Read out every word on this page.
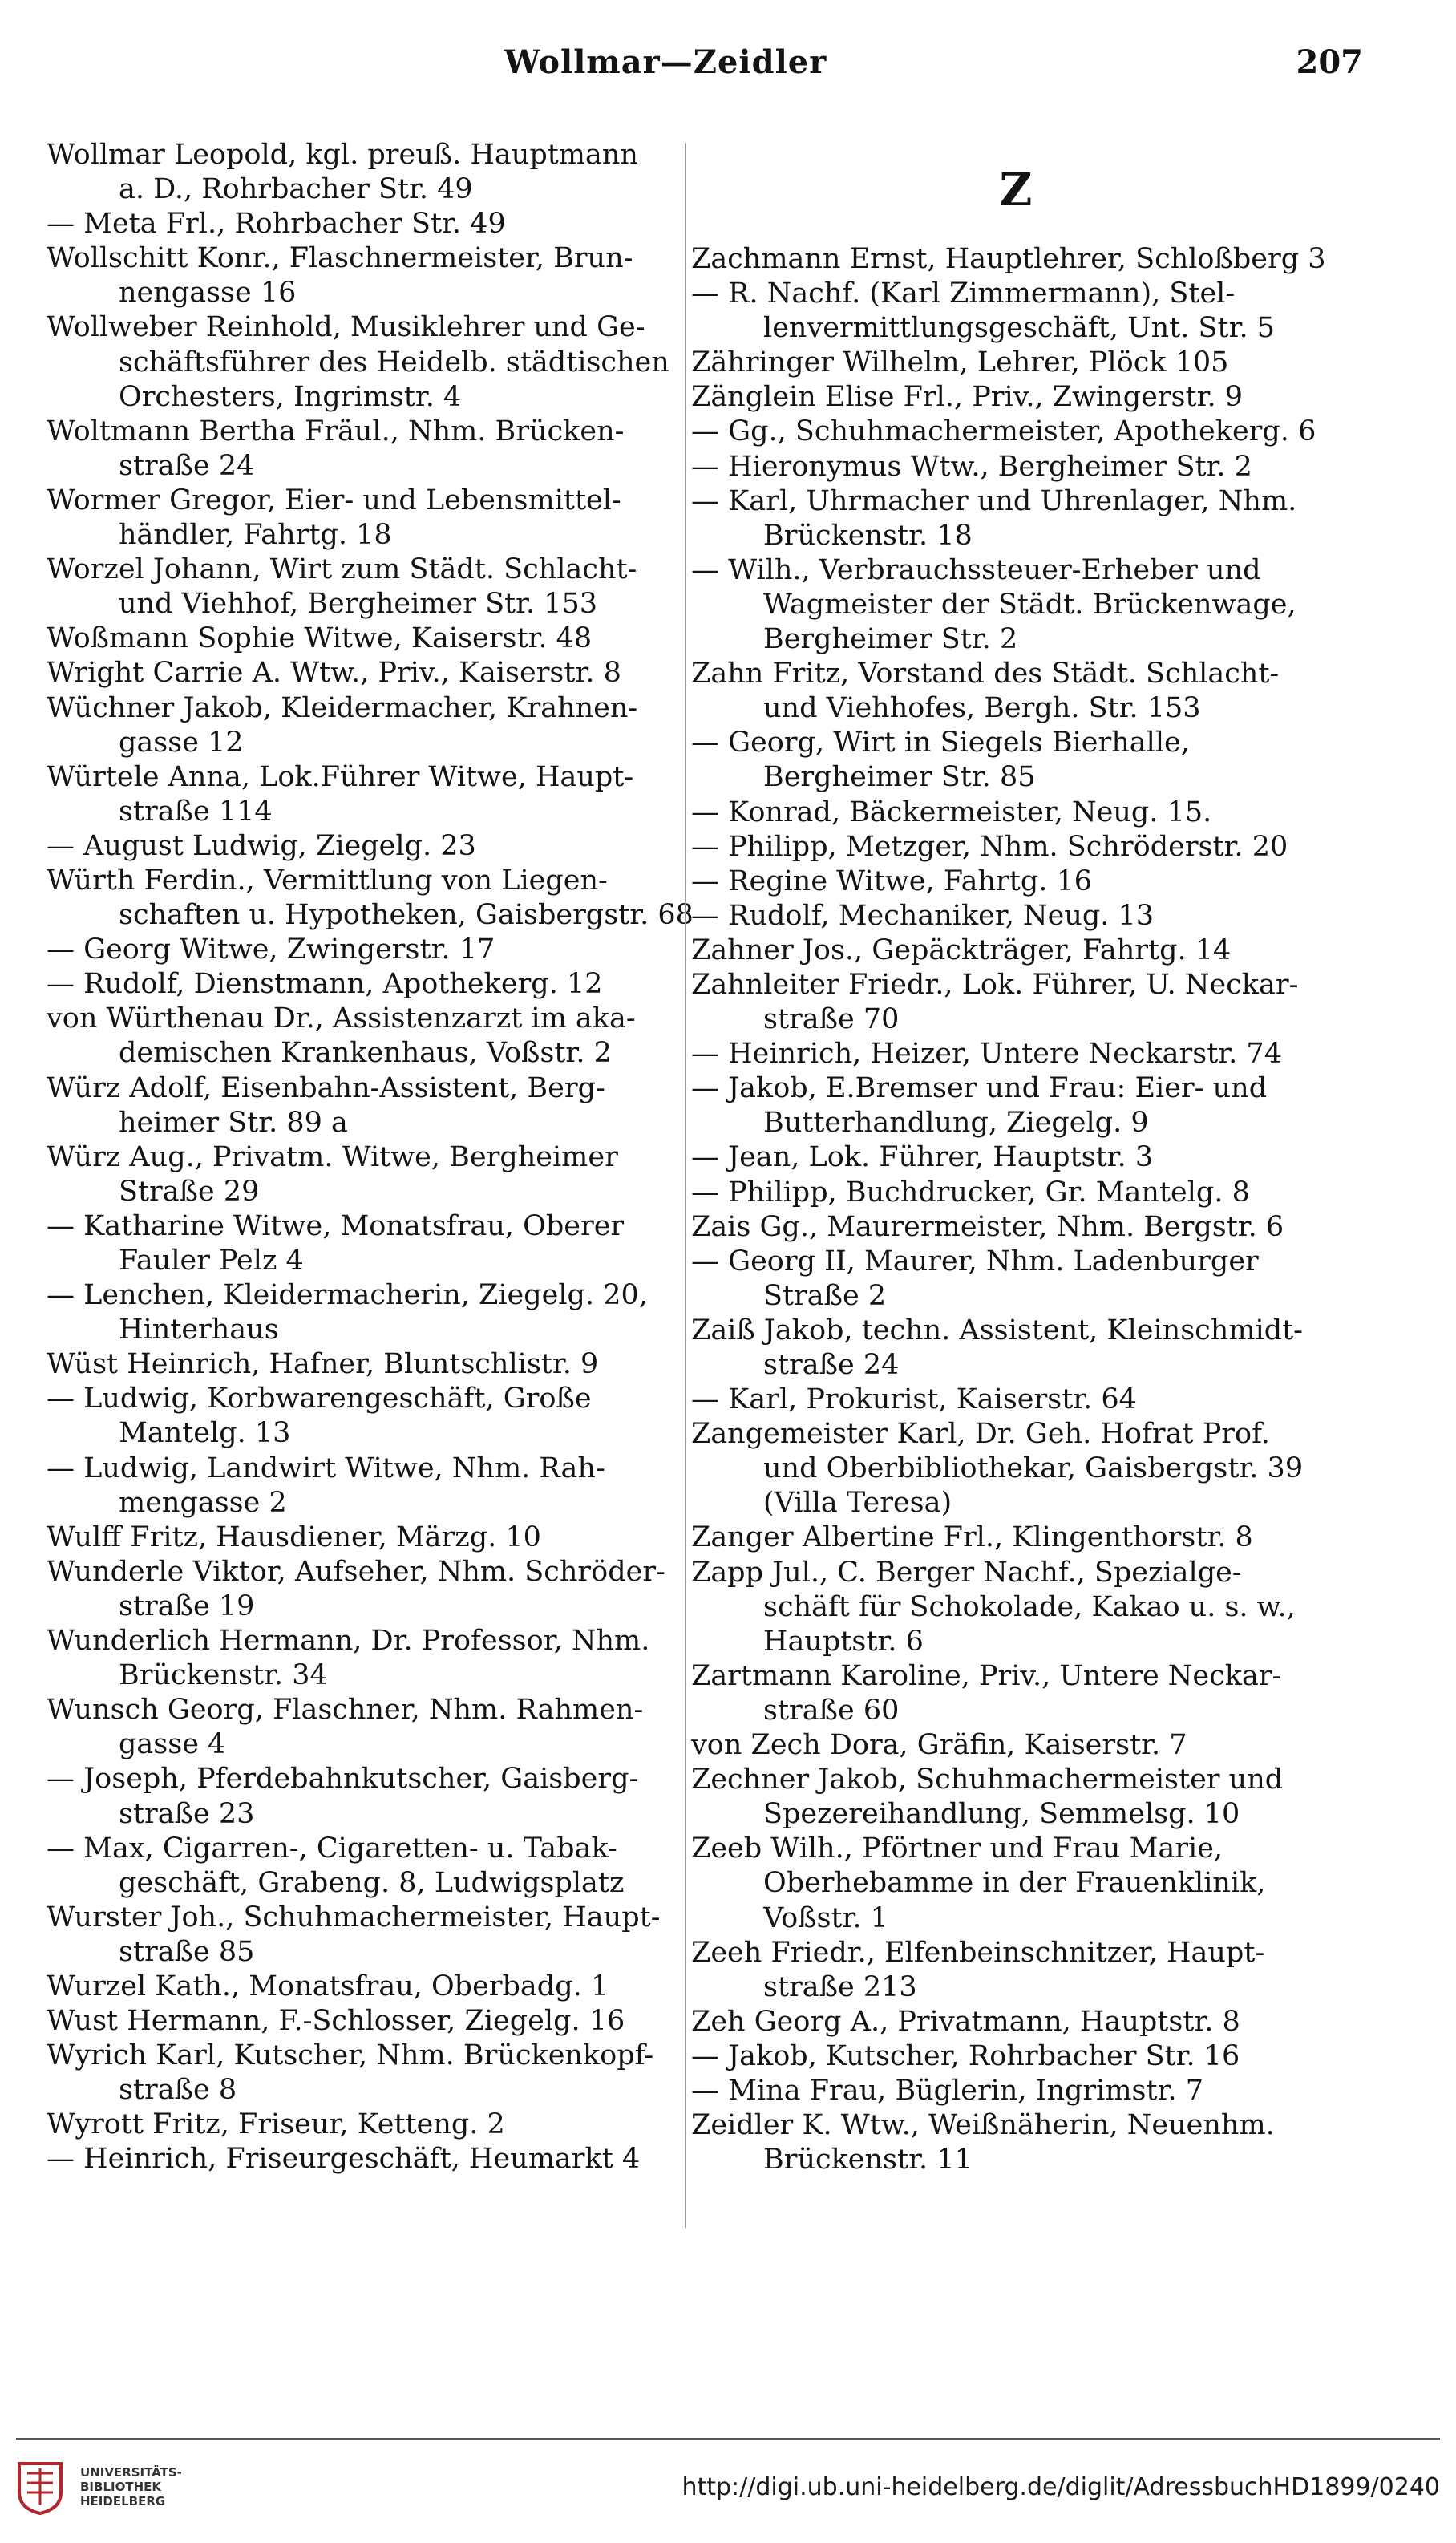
Wollmar—Zeidler	207
Wollmar Leopold, kgl. preuß. Hauptmann
a. D., Rohrbacher Str. 49
— Meta Frl., Rohrbacher Str. 49
Wollschitt Konr., Flaschnermeister, Brun-
nengasse 16
Wollweber Reinhold, Musiklehrer und Ge-
schäftsführer des Heidelb. städtischen
Orchesters, Ingrimstr. 4
Woltmann Bertha Fräul., Nhm. Brücken-
straße 24
Wormer Gregor, Eier- und Lebensmittel-
händler, Fahrtg. 18
Worzel Johann, Wirt zum Städt. Schlacht-
und Viehhof, Bergheimer Str. 153
Woßmann Sophie Witwe, Kaiserstr. 48
Wright Carrie A. Wtw., Priv., Kaiserstr. 8
Wüchner Jakob, Kleidermacher, Krahnen-
gasse 12
Würtele Anna, Lok.Führer Witwe, Haupt-
straße 114
— August Ludwig, Ziegelg. 23
Würth Ferdin., Vermittlung von Liegen-
schaften u. Hypotheken, Gaisbergstr. 68
— Georg Witwe, Zwingerstr. 17
— Rudolf, Dienstmann, Apothekerg. 12
von Würthenau Dr., Assistenzarzt im aka-
demischen Krankenhaus, Voßstr. 2
Würz Adolf, Eisenbahn-Assistent, Berg-
heimer Str. 89 a
Würz Aug., Privatm. Witwe, Bergheimer
Straße 29
— Katharine Witwe, Monatsfrau, Oberer
Fauler Pelz 4
— Lenchen, Kleidermacherin, Ziegelg. 20,
Hinterhaus
Wüst Heinrich, Hafner, Bluntschlistr. 9
— Ludwig, Korbwarengeschäft, Große
Mantelg. 13
— Ludwig, Landwirt Witwe, Nhm. Rah-
mengasse 2
Wulff Fritz, Hausdiener, Märzg. 10
Wunderle Viktor, Aufseher, Nhm. Schröder-
straße 19
Wunderlich Hermann, Dr. Professor, Nhm.
Brückenstr. 34
Wunsch Georg, Flaschner, Nhm. Rahmen-
gasse 4
— Joseph, Pferdebahnkutscher, Gaisberg-
straße 23
— Max, Cigarren-, Cigaretten- u. Tabak-
geschäft, Grabeng. 8, Ludwigsplatz
Wurster Joh., Schuhmachermeister, Haupt-
straße 85
Wurzel Kath., Monatsfrau, Oberbadg. 1
Wust Hermann, F.-Schlosser, Ziegelg. 16
Wyrich Karl, Kutscher, Nhm. Brückenkopf-
straße 8
Wyrott Fritz, Friseur, Ketteng. 2
— Heinrich, Friseurgeschäft, Heumarkt 4
Z
Zachmann Ernst, Hauptlehrer, Schloßberg 3
— R. Nachf. (Karl Zimmermann), Stel-
lenvermittlungsgeschäft, Unt. Str. 5
Zähringer Wilhelm, Lehrer, Plöck 105
Zänglein Elise Frl., Priv., Zwingerstr. 9
— Gg., Schuhmachermeister, Apothekerg. 6
— Hieronymus Wtw., Bergheimer Str. 2
— Karl, Uhrmacher und Uhrenlager, Nhm.
Brückenstr. 18
— Wilh., Verbrauchssteuer-Erheber und
Wagmeister der Städt. Brückenwage,
Bergheimer Str. 2
Zahn Fritz, Vorstand des Städt. Schlacht-
und Viehhofes, Bergh. Str. 153
— Georg, Wirt in Siegels Bierhalle,
Bergheimer Str. 85
— Konrad, Bäckermeister, Neug. 15.
— Philipp, Metzger, Nhm. Schröderstr. 20
— Regine Witwe, Fahrtg. 16
— Rudolf, Mechaniker, Neug. 13
Zahner Jos., Gepäckträger, Fahrtg. 14
Zahnleiter Friedr., Lok. Führer, U. Neckar-
straße 70
— Heinrich, Heizer, Untere Neckarstr. 74
— Jakob, E.Bremser und Frau: Eier- und
Butterhandlung, Ziegelg. 9
— Jean, Lok. Führer, Hauptstr. 3
— Philipp, Buchdrucker, Gr. Mantelg. 8
Zais Gg., Maurermeister, Nhm. Bergstr. 6
— Georg II, Maurer, Nhm. Ladenburger
Straße 2
Zaiß Jakob, techn. Assistent, Kleinschmidt-
straße 24
— Karl, Prokurist, Kaiserstr. 64
Zangemeister Karl, Dr. Geh. Hofrat Prof.
und Oberbibliothekar, Gaisbergstr. 39
(Villa Teresa)
Zanger Albertine Frl., Klingenthorstr. 8
Zapp Jul., C. Berger Nachf., Spezialge-
schäft für Schokolade, Kakao u. s. w.,
Hauptstr. 6
Zartmann Karoline, Priv., Untere Neckar-
straße 60
von Zech Dora, Gräfin, Kaiserstr. 7
Zechner Jakob, Schuhmachermeister und
Spezereihandlung, Semmelsg. 10
Zeeb Wilh., Pförtner und Frau Marie,
Oberhebamme in der Frauenklinik,
Voßstr. 1
Zeeh Friedr., Elfenbeinschnitzer, Haupt-
straße 213
Zeh Georg A., Privatmann, Hauptstr. 8
— Jakob, Kutscher, Rohrbacher Str. 16
— Mina Frau, Büglerin, Ingrimstr. 7
Zeidler K. Wtw., Weißnäherin, Neuenhm.
Brückenstr. 11
UNIVERSITÄTS-
BIBLIOTHEK
HEIDELBERG	http://digi.ub.uni-heidelberg.de/diglit/AdressbuchHD1899/0240
